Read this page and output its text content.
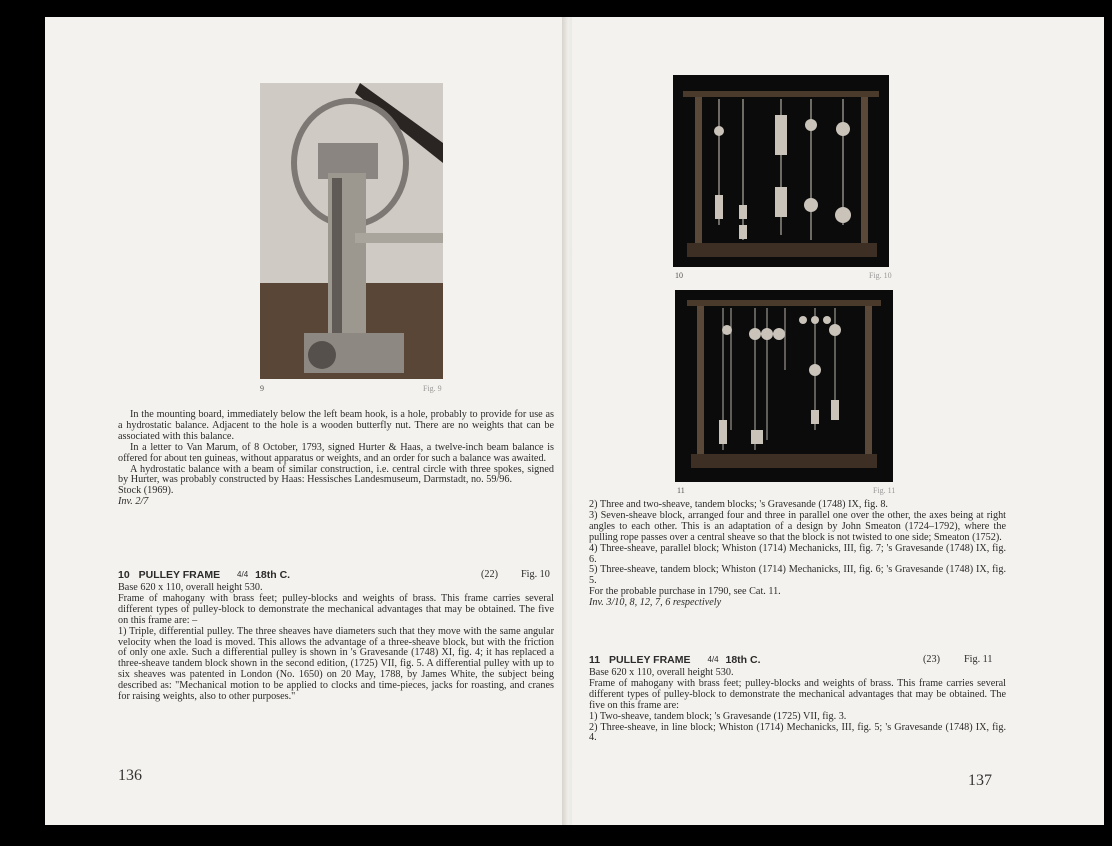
9	Fig. 9

In the mounting board, immediately below the left beam hook, is a hole, probably to provide for use as a hydrostatic balance. Adjacent to the hole is a wooden butterfly nut. There are no weights that can be associated with this balance.

In a letter to Van Marum, of 8 October, 1793, signed Hurter & Haas, a twelve-inch beam balance is offered for about ten guineas, without apparatus or weights, and an order for such a balance was awaited.

A hydrostatic balance with a beam of similar construction, i.e. central circle with three spokes, signed by Hurter, was probably constructed by Haas: Hessisches Landesmuseum, Darmstadt, no. 59/96.

Stock (1969).

Inv. 2/7

10 PULLEY FRAME 4/4 18th C.	(22) Fig. 10

Base 620 x 110, overall height 530.

Frame of mahogany with brass feet; pulley-blocks and weights of brass. This frame carries several different types of pulley-block to demonstrate the mechanical advantages that may be obtained. The five on this frame are: –

1) Triple, differential pulley. The three sheaves have diameters such that they move with the same angular velocity when the load is moved. This allows the advantage of a three-sheave block, but with the friction of only one axle. Such a differential pulley is shown in 's Gravesande (1748) XI, fig. 4; it has replaced a three-sheave tandem block shown in the second edition, (1725) VII, fig. 5. A differential pulley with up to six sheaves was patented in London (No. 1650) on 20 May, 1788, by James White, the subject being described as: "Mechanical motion to be applied to clocks and time-pieces, jacks for roasting, and cranes for raising weights, also to other purposes."

136
10	Fig. 10
11	Fig. 11

2) Three and two-sheave, tandem blocks; 's Gravesande (1748) IX, fig. 8.

3) Seven-sheave block, arranged four and three in parallel one over the other, the axes being at right angles to each other. This is an adaptation of a design by John Smeaton (1724–1792), where the pulling rope passes over a central sheave so that the block is not twisted to one side; Smeaton (1752).

4) Three-sheave, parallel block; Whiston (1714) Mechanicks, III, fig. 7; 's Gravesande (1748) IX, fig. 6.

5) Three-sheave, tandem block; Whiston (1714) Mechanicks, III, fig. 6; 's Gravesande (1748) IX, fig. 5.

For the probable purchase in 1790, see Cat. 11.

Inv. 3/10, 8, 12, 7, 6 respectively

11 PULLEY FRAME 4/4 18th C.	(23) Fig. 11

Base 620 x 110, overall height 530.

Frame of mahogany with brass feet; pulley-blocks and weights of brass. This frame carries several different types of pulley-block to demonstrate the mechanical advantages that may be obtained. The five on this frame are:

1) Two-sheave, tandem block; 's Gravesande (1725) VII, fig. 3.

2) Three-sheave, in line block; Whiston (1714) Mechanicks, III, fig. 5; 's Gravesande (1748) IX, fig. 4.

137
